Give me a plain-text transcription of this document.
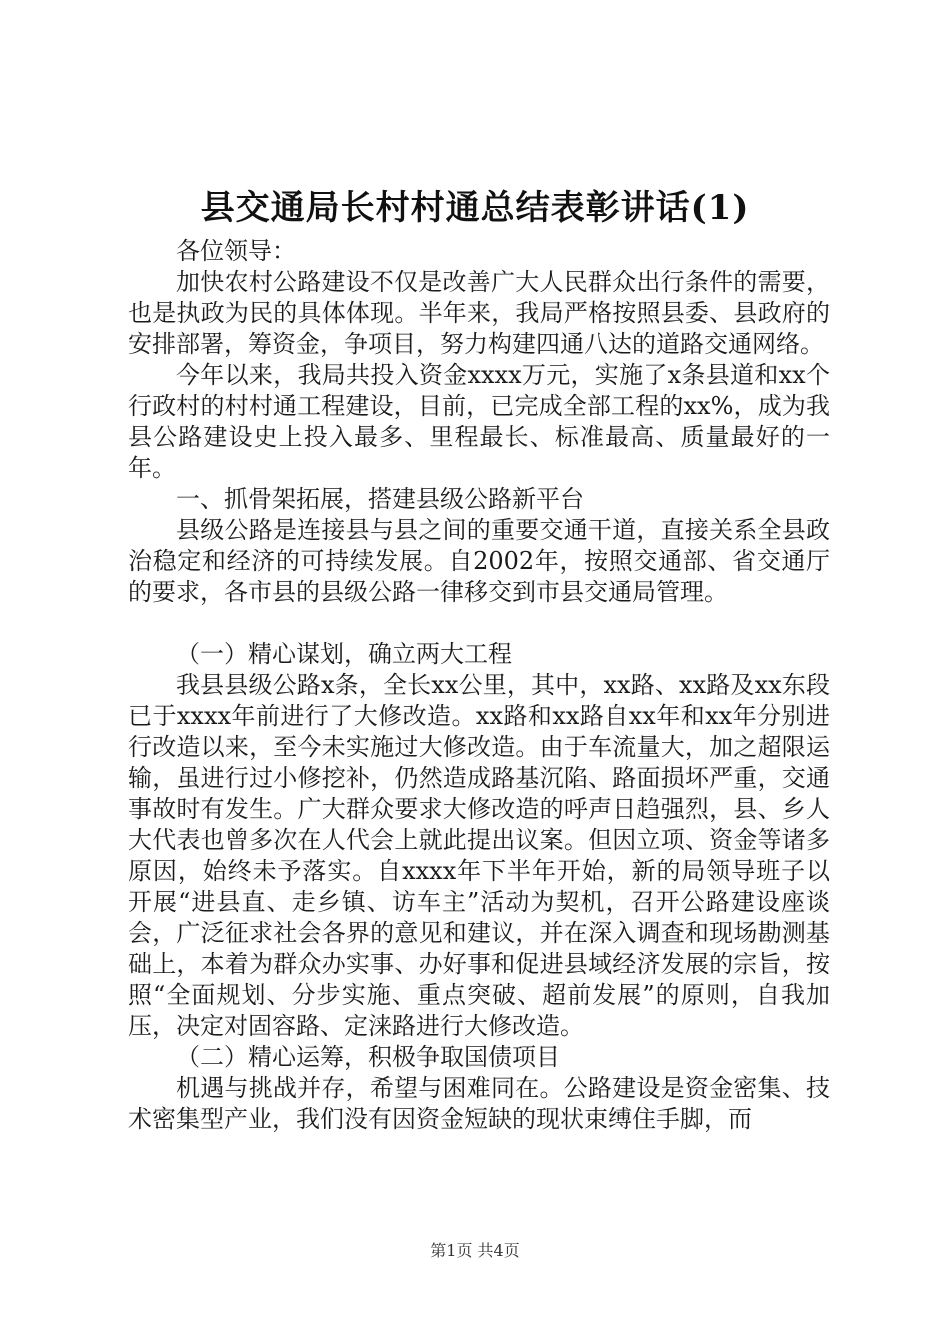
县交通局长村村通总结表彰讲话(1)

各位领导：

加快农村公路建设不仅是改善广大人民群众出行条件的需要，也是执政为民的具体体现。半年来，我局严格按照县委、县政府的安排部署，筹资金，争项目，努力构建四通八达的道路交通网络。

今年以来，我局共投入资金xxxx万元，实施了x条县道和xx个行政村的村村通工程建设，目前，已完成全部工程的xx%，成为我县公路建设史上投入最多、里程最长、标准最高、质量最好的一年。

一、抓骨架拓展，搭建县级公路新平台

县级公路是连接县与县之间的重要交通干道，直接关系全县政治稳定和经济的可持续发展。自2002年，按照交通部、省交通厅的要求，各市县的县级公路一律移交到市县交通局管理。

（一）精心谋划，确立两大工程

我县县级公路x条，全长xx公里，其中，xx路、xx路及xx东段已于xxxx年前进行了大修改造。xx路和xx路自xx年和xx年分别进行改造以来，至今未实施过大修改造。由于车流量大，加之超限运输，虽进行过小修挖补，仍然造成路基沉陷、路面损坏严重，交通事故时有发生。广大群众要求大修改造的呼声日趋强烈，县、乡人大代表也曾多次在人代会上就此提出议案。但因立项、资金等诸多原因，始终未予落实。自xxxx年下半年开始，新的局领导班子以开展“进县直、走乡镇、访车主”活动为契机，召开公路建设座谈会，广泛征求社会各界的意见和建议，并在深入调查和现场勘测基础上，本着为群众办实事、办好事和促进县域经济发展的宗旨，按照“全面规划、分步实施、重点突破、超前发展”的原则，自我加压，决定对固容路、定涞路进行大修改造。

（二）精心运筹，积极争取国债项目

机遇与挑战并存，希望与困难同在。公路建设是资金密集、技术密集型产业，我们没有因资金短缺的现状束缚住手脚，而

第1页 共4页
